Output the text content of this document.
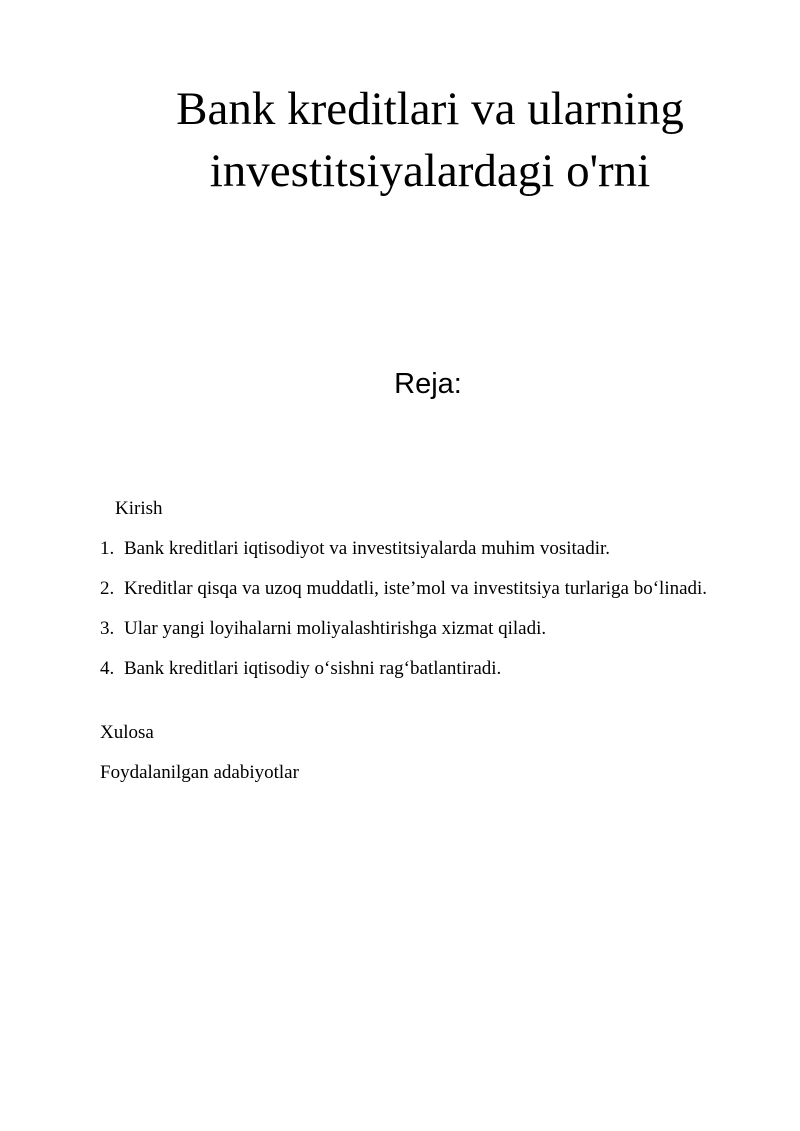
Bank kreditlari va ularning
investitsiyalardagi o'rni
Reja:

Kirish

1. Bank kreditlari iqtisodiyot va investitsiyalarda muhim vositadir.
2. Kreditlar qisqa va uzoq muddatli, iste’mol va investitsiya turlariga bo‘linadi.
3. Ular yangi loyihalarni moliyalashtirishga xizmat qiladi.
4. Bank kreditlari iqtisodiy o‘sishni rag‘batlantiradi.

Xulosa

Foydalanilgan adabiyotlar
